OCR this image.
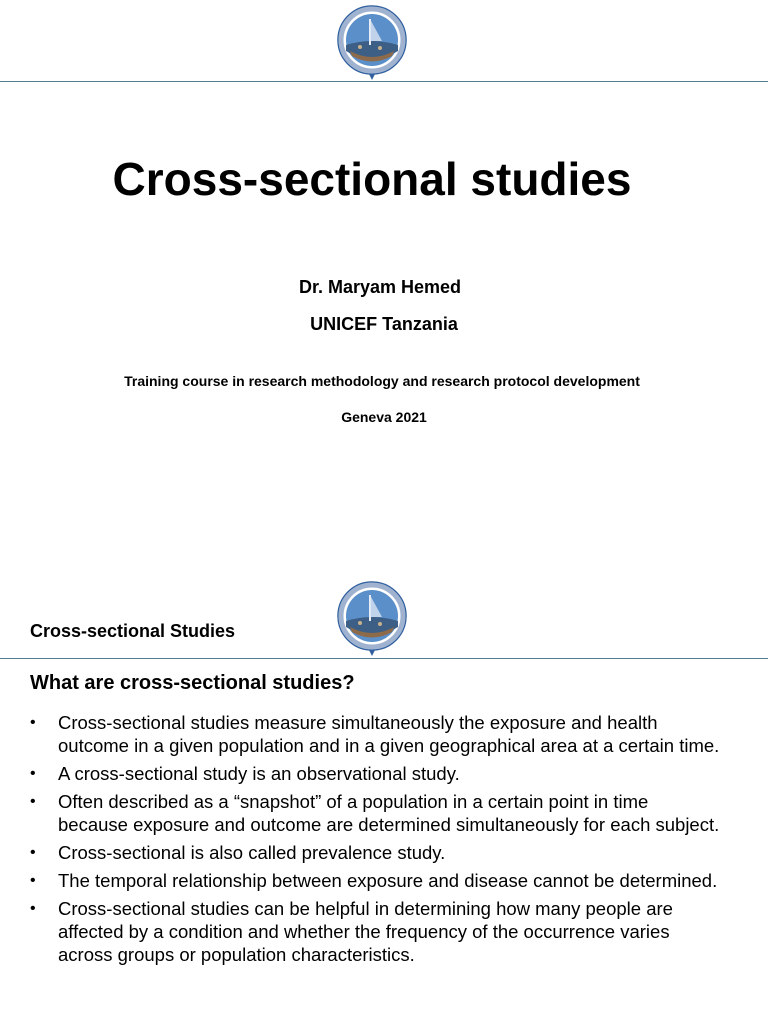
Cross-sectional studies
Dr. Maryam Hemed
UNICEF Tanzania
Training course in research methodology and research protocol development
Geneva 2021
Cross-sectional Studies
What are cross-sectional studies?
• Cross-sectional studies measure simultaneously the exposure and health outcome in a given population and in a given geographical area at a certain time.
• A cross-sectional study is an observational study.
• Often described as a “snapshot” of a population in a certain point in time because exposure and outcome are determined simultaneously for each subject.
• Cross-sectional is also called prevalence study.
• The temporal relationship between exposure and disease cannot be determined.
• Cross-sectional studies can be helpful in determining how many people are affected by a condition and whether the frequency of the occurrence varies across groups or population characteristics.
